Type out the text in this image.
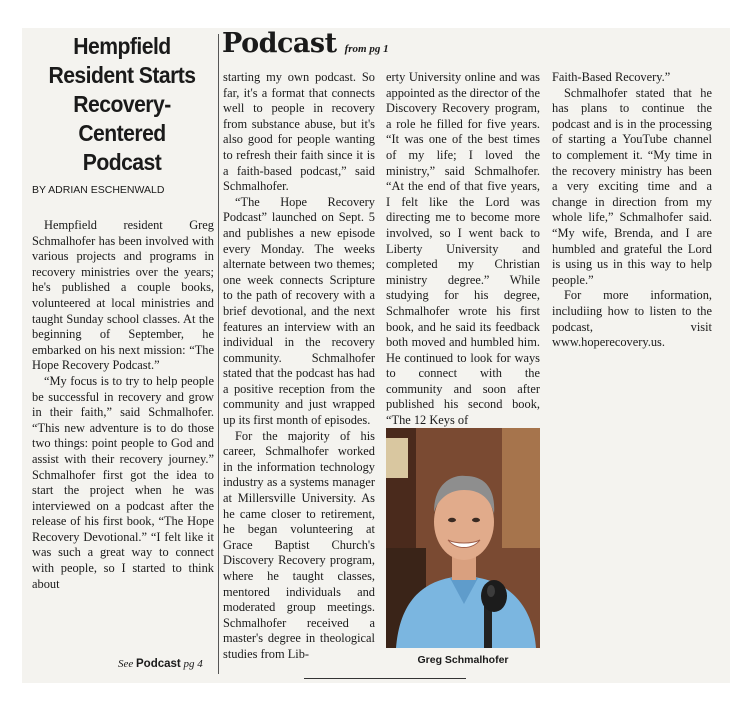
Hempfield
Resident Starts
Recovery-Centered
Podcast
BY ADRIAN ESCHENWALD

Hempfield resident Greg Schmalhofer has been involved with various projects and programs in recovery ministries over the years; he's published a couple books, volunteered at local ministries and taught Sunday school classes. At the beginning of September, he embarked on his next mission: “The Hope Recovery Podcast.”

“My focus is to try to help people be successful in recovery and grow in their faith,” said Schmalhofer. “This new adventure is to do those two things: point people to God and assist with their recovery journey.” Schmalhofer first got the idea to start the project when he was interviewed on a podcast after the release of his first book, “The Hope Recovery Devotional.” “I felt like it was such a great way to connect with people, so I started to think about

See Podcast pg 4
Podcast from pg 1

starting my own podcast. So far, it's a format that connects well to people in recovery from substance abuse, but it's also good for people wanting to refresh their faith since it is a faith-based podcast,” said Schmalhofer.

“The Hope Recovery Podcast” launched on Sept. 5 and publishes a new episode every Monday. The weeks alternate between two themes; one week connects Scripture to the path of recovery with a brief devotional, and the next features an interview with an individual in the recovery community. Schmalhofer stated that the podcast has had a positive reception from the community and just wrapped up its first month of episodes.

For the majority of his career, Schmalhofer worked in the information technology industry as a systems manager at Millersville University. As he came closer to retirement, he began volunteering at Grace Baptist Church's Discovery Recovery program, where he taught classes, mentored individuals and moderated group meetings. Schmalhofer received a master's degree in theological studies from Lib-

erty University online and was appointed as the director of the Discovery Recovery program, a role he filled for five years. “It was one of the best times of my life; I loved the ministry,” said Schmalhofer. “At the end of that five years, I felt like the Lord was directing me to become more involved, so I went back to Liberty University and completed my Christian ministry degree.” While studying for his degree, Schmalhofer wrote his first book, and he said its feedback both moved and humbled him. He continued to look for ways to connect with the community and soon after published his second book, “The 12 Keys of

Greg Schmalhofer

Faith-Based Recovery.”

Schmalhofer stated that he has plans to continue the podcast and is in the processing of starting a YouTube channel to complement it. “My time in the recovery ministry has been a very exciting time and a change in direction from my whole life,” Schmalhofer said. “My wife, Brenda, and I are humbled and grateful the Lord is using us in this way to help people.”

For more information, includiing how to listen to the podcast, visit www.hoperecovery.us.
